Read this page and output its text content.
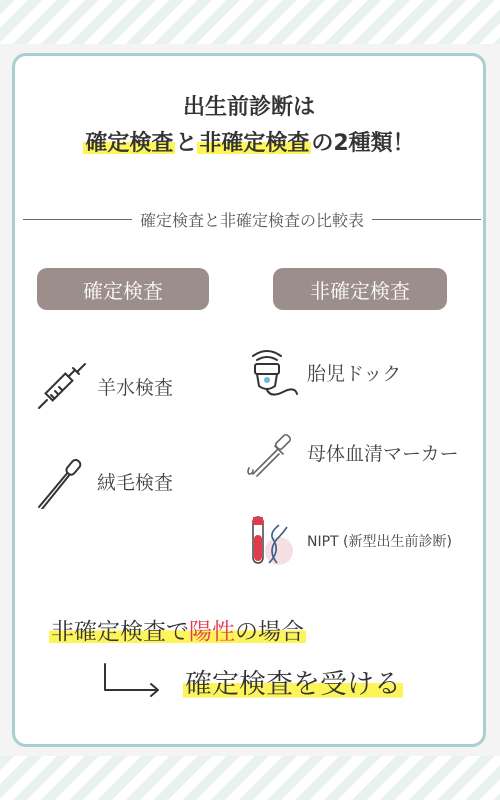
出生前診断は
確定検査と非確定検査の2種類！
確定検査と非確定検査の比較表
確定検査	非確定検査
羊水検査
絨毛検査
胎児ドック
母体血清マーカー
NIPT (新型出生前診断)
非確定検査で陽性の場合
確定検査を受ける
